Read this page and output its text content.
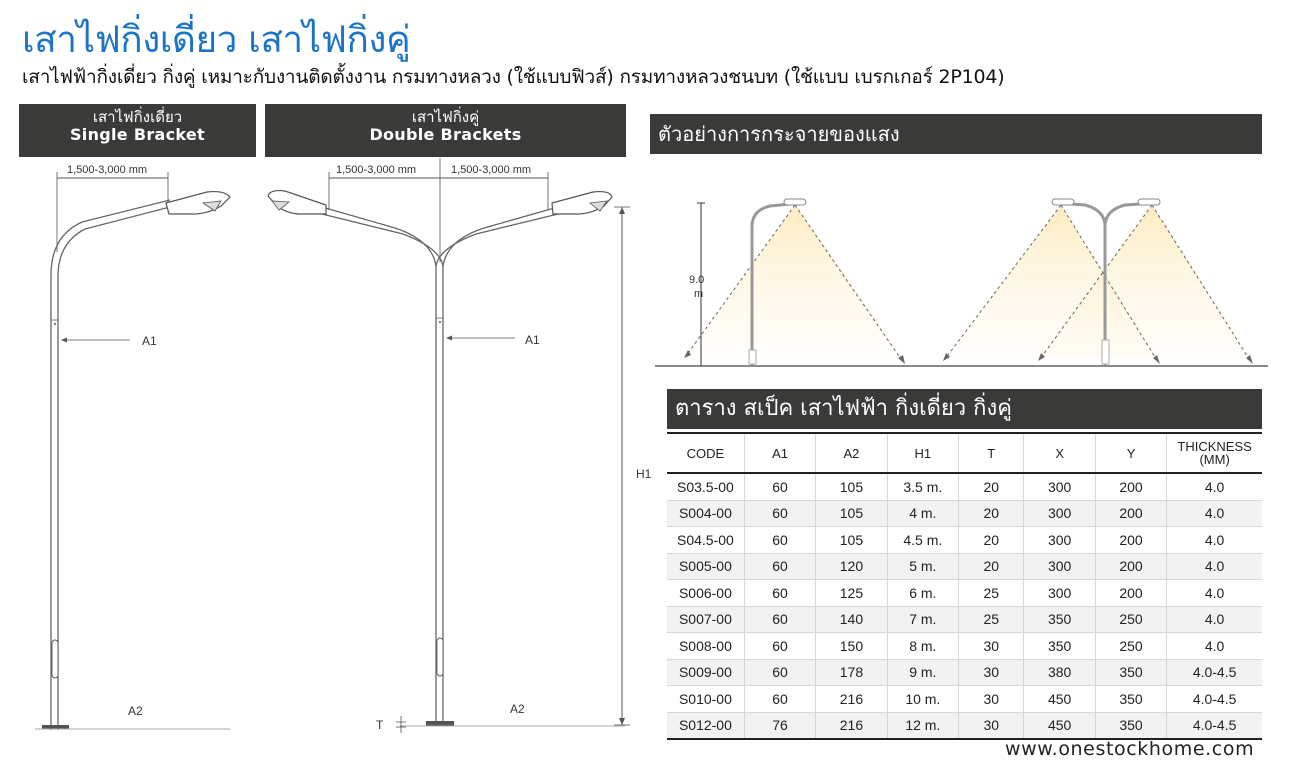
เสาไฟกิ่งเดี่ยว เสาไฟกิ่งคู่
เสาไฟฟ้ากิ่งเดี่ยว กิ่งคู่ เหมาะกับงานติดตั้งงาน กรมทางหลวง (ใช้แบบฟิวส์) กรมทางหลวงชนบท (ใช้แบบ เบรกเกอร์ 2P104)
เสาไฟกิ่งเดี่ยว
Single Bracket
เสาไฟกิ่งคู่
Double Brackets
1,500-3,000 mm
A1
A2
1,500-3,000 mm	1,500-3,000 mm
A1
A2
T
H1
ตัวอย่างการกระจายของแสง
9.0
m
ตาราง สเป็ค เสาไฟฟ้า กิ่งเดี่ยว กิ่งคู่
CODE	A1	A2	H1	T	X	Y	THICKNESS
(MM)
S03.5-00	60	105	3.5 m.	20	300	200	4.0
S004-00	60	105	4 m.	20	300	200	4.0
S04.5-00	60	105	4.5 m.	20	300	200	4.0
S005-00	60	120	5 m.	20	300	200	4.0
S006-00	60	125	6 m.	25	300	200	4.0
S007-00	60	140	7 m.	25	350	250	4.0
S008-00	60	150	8 m.	30	350	250	4.0
S009-00	60	178	9 m.	30	380	350	4.0-4.5
S010-00	60	216	10 m.	30	450	350	4.0-4.5
S012-00	76	216	12 m.	30	450	350	4.0-4.5
www.onestockhome.com
